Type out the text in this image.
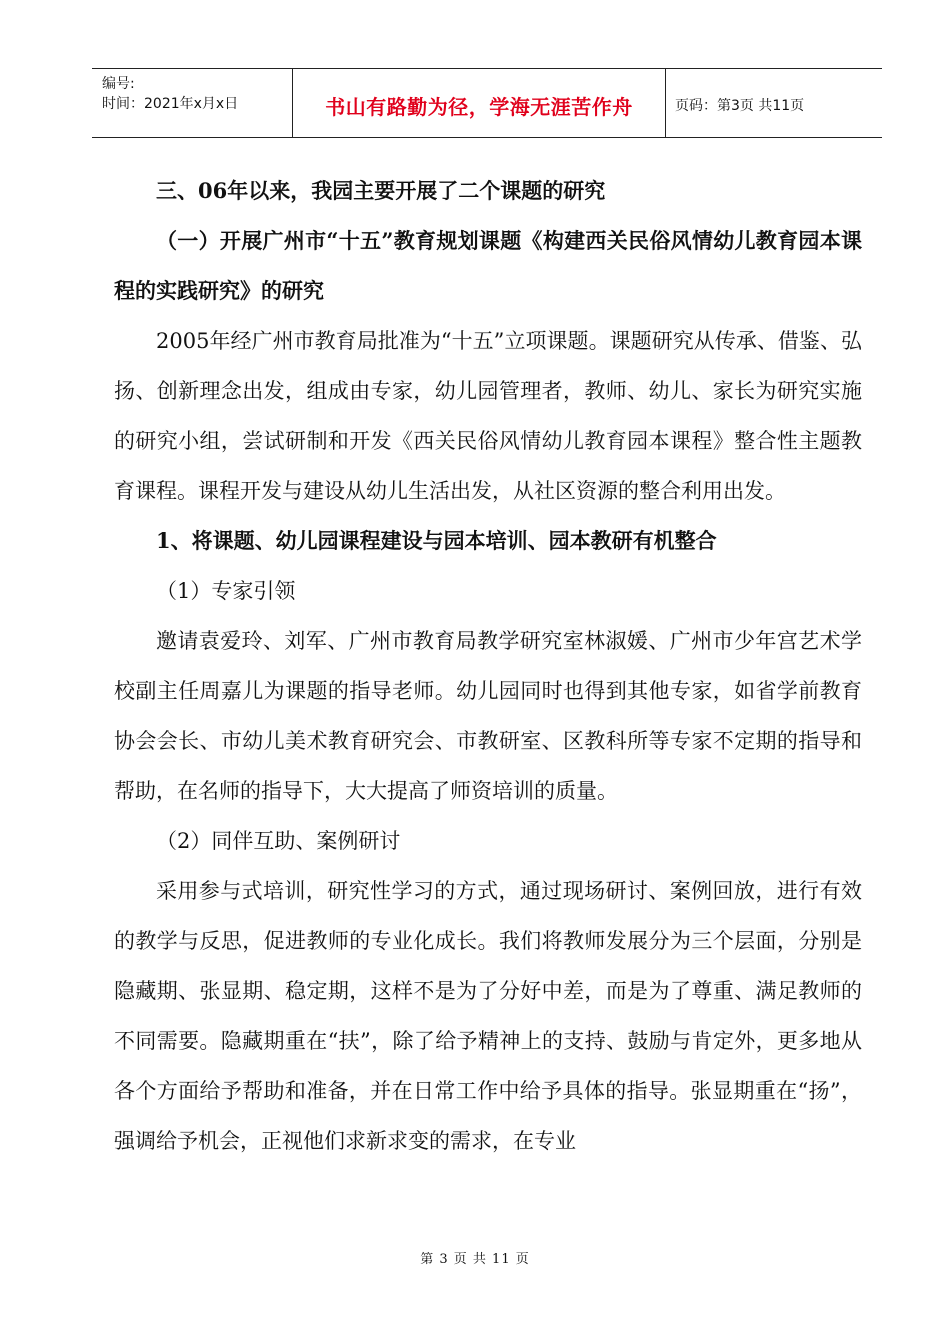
编号:
时间：2021年x月x日	书山有路勤为径，学海无涯苦作舟	页码：第3页 共11页

三、06年以来，我园主要开展了二个课题的研究

（一）开展广州市“十五”教育规划课题《构建西关民俗风情幼儿教育园本课程的实践研究》的研究

2005年经广州市教育局批准为“十五”立项课题。课题研究从传承、借鉴、弘扬、创新理念出发，组成由专家，幼儿园管理者，教师、幼儿、家长为研究实施的研究小组，尝试研制和开发《西关民俗风情幼儿教育园本课程》整合性主题教育课程。课程开发与建设从幼儿生活出发，从社区资源的整合利用出发。

1、将课题、幼儿园课程建设与园本培训、园本教研有机整合

（1）专家引领

邀请袁爱玲、刘军、广州市教育局教学研究室林淑媛、广州市少年宫艺术学校副主任周嘉儿为课题的指导老师。幼儿园同时也得到其他专家，如省学前教育协会会长、市幼儿美术教育研究会、市教研室、区教科所等专家不定期的指导和帮助，在名师的指导下，大大提高了师资培训的质量。

（2）同伴互助、案例研讨

采用参与式培训，研究性学习的方式，通过现场研讨、案例回放，进行有效的教学与反思，促进教师的专业化成长。我们将教师发展分为三个层面，分别是隐藏期、张显期、稳定期，这样不是为了分好中差，而是为了尊重、满足教师的不同需要。隐藏期重在“扶”，除了给予精神上的支持、鼓励与肯定外，更多地从各个方面给予帮助和准备，并在日常工作中给予具体的指导。张显期重在“扬”，强调给予机会，正视他们求新求变的需求，在专业

第 3 页 共 11 页
